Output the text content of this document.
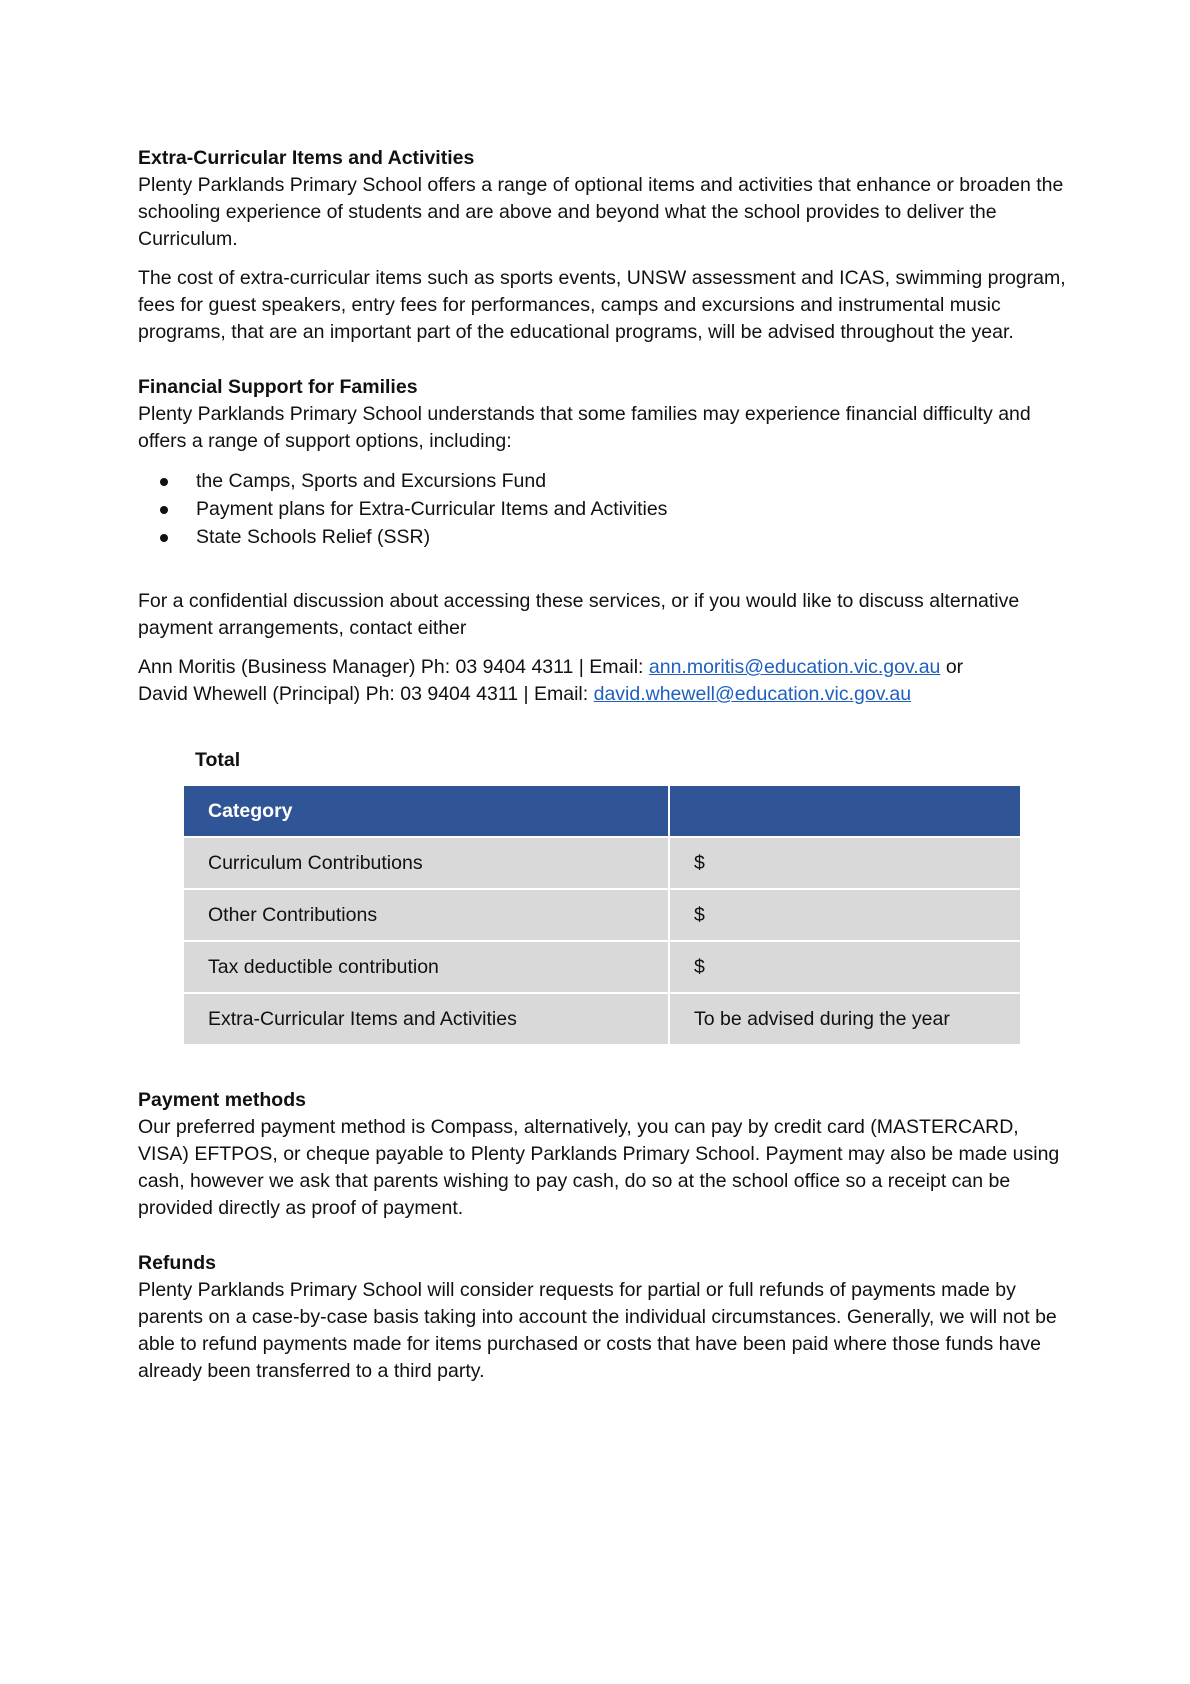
Extra-Curricular Items and Activities

Plenty Parklands Primary School offers a range of optional items and activities that enhance or broaden the schooling experience of students and are above and beyond what the school provides to deliver the Curriculum.

The cost of extra-curricular items such as sports events, UNSW assessment and ICAS, swimming program, fees for guest speakers, entry fees for performances, camps and excursions and instrumental music programs, that are an important part of the educational programs, will be advised throughout the year.

Financial Support for Families

Plenty Parklands Primary School understands that some families may experience financial difficulty and offers a range of support options, including:

the Camps, Sports and Excursions Fund
Payment plans for Extra-Curricular Items and Activities
State Schools Relief (SSR)

For a confidential discussion about accessing these services, or if you would like to discuss alternative payment arrangements, contact either

Ann Moritis (Business Manager) Ph: 03 9404 4311 | Email: ann.moritis@education.vic.gov.au or
David Whewell (Principal) Ph: 03 9404 4311 | Email: david.whewell@education.vic.gov.au

Total

Category	
Curriculum Contributions	$
Other Contributions	$
Tax deductible contribution	$
Extra-Curricular Items and Activities	To be advised during the year

Payment methods

Our preferred payment method is Compass, alternatively, you can pay by credit card (MASTERCARD, VISA) EFTPOS, or cheque payable to Plenty Parklands Primary School. Payment may also be made using cash, however we ask that parents wishing to pay cash, do so at the school office so a receipt can be provided directly as proof of payment.

Refunds

Plenty Parklands Primary School will consider requests for partial or full refunds of payments made by parents on a case-by-case basis taking into account the individual circumstances. Generally, we will not be able to refund payments made for items purchased or costs that have been paid where those funds have already been transferred to a third party.
